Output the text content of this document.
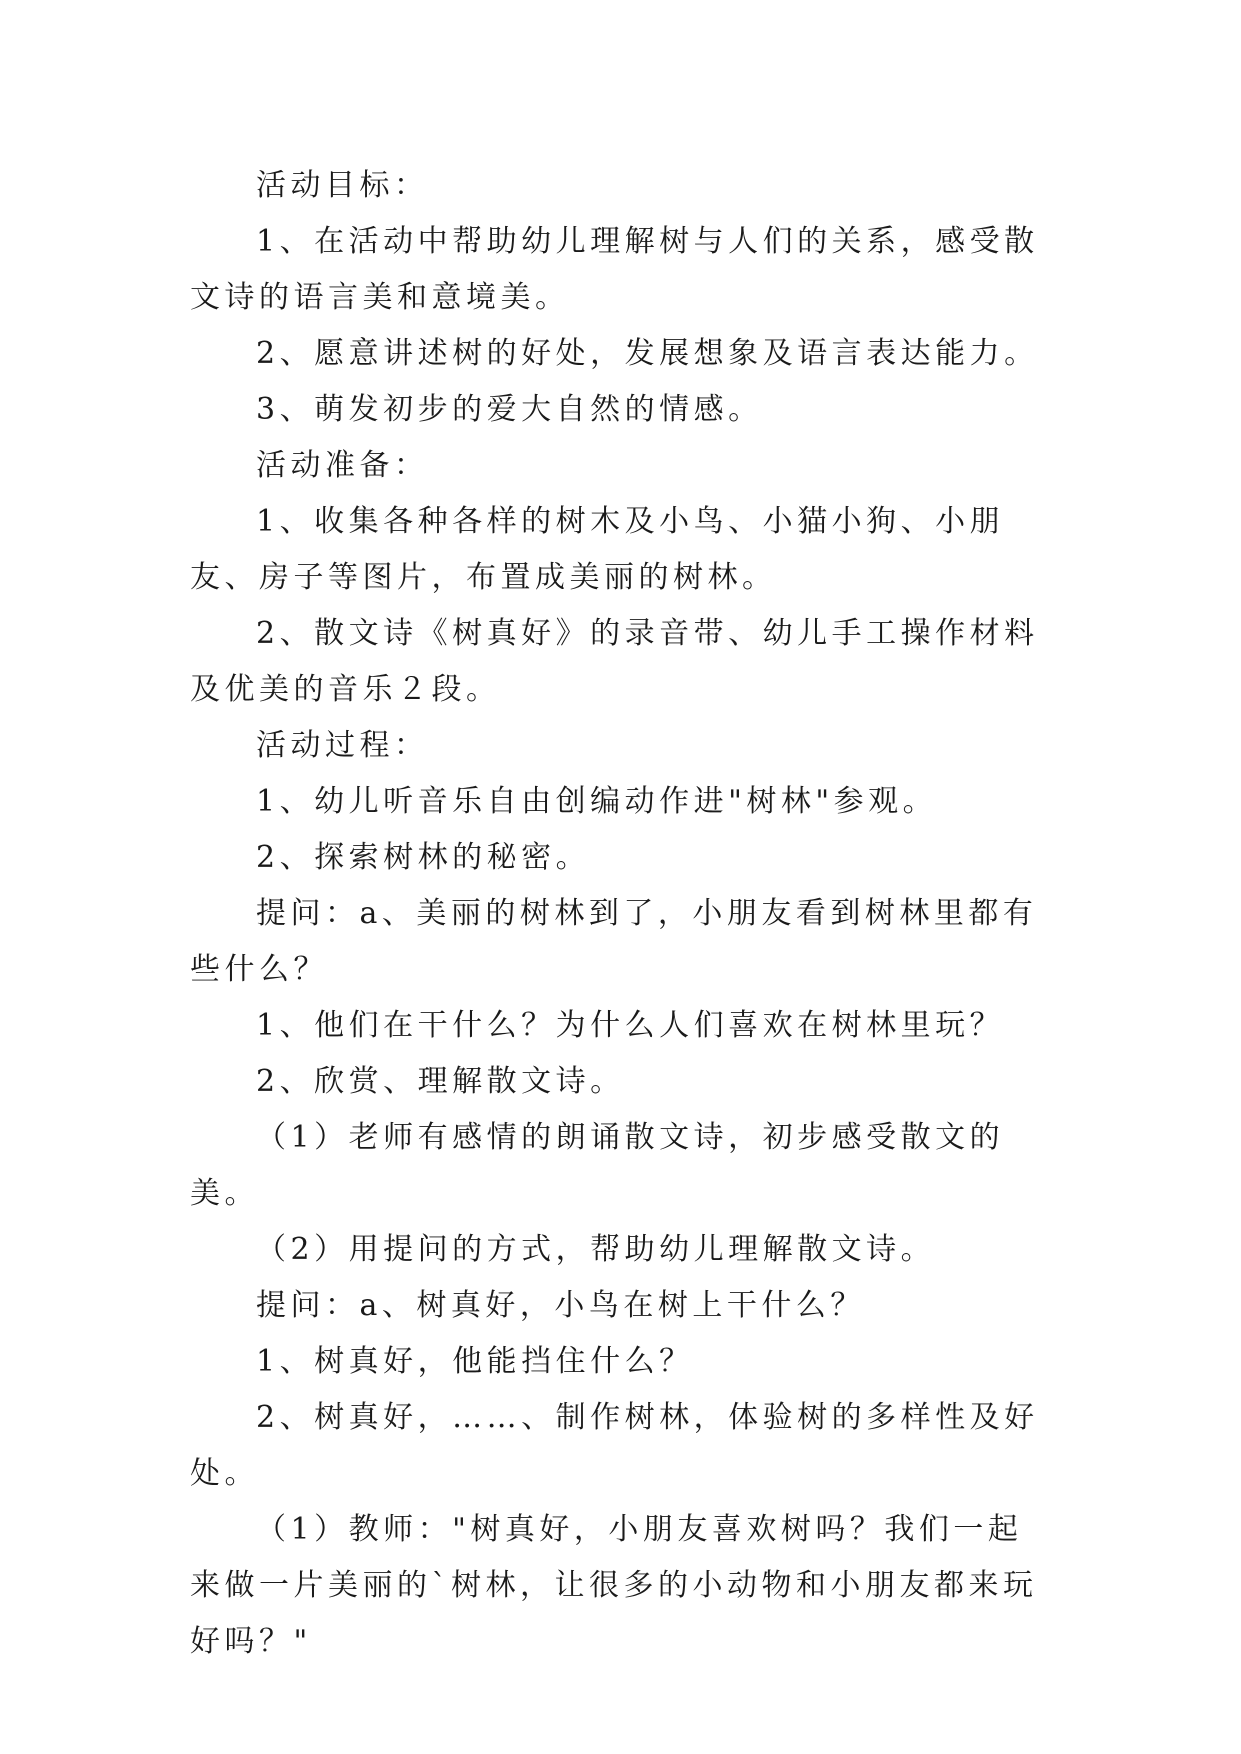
活动目标：

1、在活动中帮助幼儿理解树与人们的关系，感受散文诗的语言美和意境美。

2、愿意讲述树的好处，发展想象及语言表达能力。

3、萌发初步的爱大自然的情感。

活动准备：

1、收集各种各样的树木及小鸟、小猫小狗、小朋友、房子等图片，布置成美丽的树林。

2、散文诗《树真好》的录音带、幼儿手工操作材料及优美的音乐２段。

活动过程：

1、幼儿听音乐自由创编动作进"树林"参观。

2、探索树林的秘密。

提问：a、美丽的树林到了，小朋友看到树林里都有些什么？

1、他们在干什么？为什么人们喜欢在树林里玩？

2、欣赏、理解散文诗。

（1）老师有感情的朗诵散文诗，初步感受散文的美。

（2）用提问的方式，帮助幼儿理解散文诗。

提问：a、树真好，小鸟在树上干什么？

1、树真好，他能挡住什么？

2、树真好，……、制作树林，体验树的多样性及好处。

（1）教师："树真好，小朋友喜欢树吗？我们一起来做一片美丽的`树林，让很多的小动物和小朋友都来玩好吗？"
